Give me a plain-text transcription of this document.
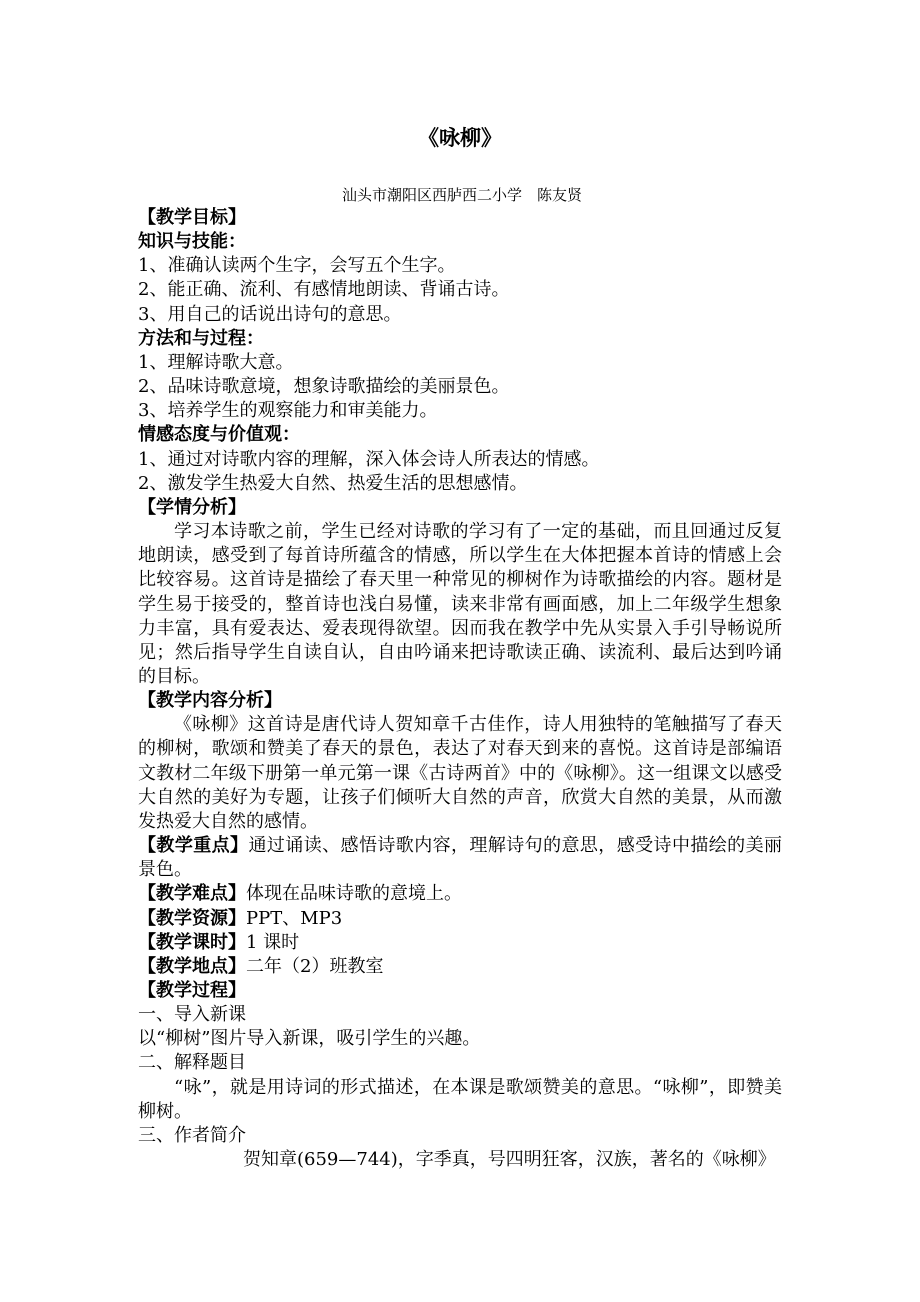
《咏柳》
汕头市潮阳区西胪西二小学　陈友贤

【教学目标】

知识与技能：

1、准确认读两个生字，会写五个生字。

2、能正确、流利、有感情地朗读、背诵古诗。

3、用自己的话说出诗句的意思。

方法和与过程：

1、理解诗歌大意。

2、品味诗歌意境，想象诗歌描绘的美丽景色。

3、培养学生的观察能力和审美能力。

情感态度与价值观：

1、通过对诗歌内容的理解，深入体会诗人所表达的情感。

2、激发学生热爱大自然、热爱生活的思想感情。

【学情分析】

学习本诗歌之前，学生已经对诗歌的学习有了一定的基础，而且回通过反复地朗读，感受到了每首诗所蕴含的情感，所以学生在大体把握本首诗的情感上会比较容易。这首诗是描绘了春天里一种常见的柳树作为诗歌描绘的内容。题材是学生易于接受的，整首诗也浅白易懂，读来非常有画面感，加上二年级学生想象力丰富，具有爱表达、爱表现得欲望。因而我在教学中先从实景入手引导畅说所见；然后指导学生自读自认，自由吟诵来把诗歌读正确、读流利、最后达到吟诵的目标。

【教学内容分析】

《咏柳》这首诗是唐代诗人贺知章千古佳作，诗人用独特的笔触描写了春天的柳树，歌颂和赞美了春天的景色，表达了对春天到来的喜悦。这首诗是部编语文教材二年级下册第一单元第一课《古诗两首》中的《咏柳》。这一组课文以感受大自然的美好为专题，让孩子们倾听大自然的声音，欣赏大自然的美景，从而激发热爱大自然的感情。

【教学重点】通过诵读、感悟诗歌内容，理解诗句的意思，感受诗中描绘的美丽景色。

【教学难点】体现在品味诗歌的意境上。

【教学资源】PPT、MP3

【教学课时】1 课时

【教学地点】二年（2）班教室

【教学过程】

一、导入新课

以“柳树”图片导入新课，吸引学生的兴趣。

二、解释题目

“咏”，就是用诗词的形式描述，在本课是歌颂赞美的意思。“咏柳”，即赞美柳树。

三、作者简介

贺知章(659—744)，字季真，号四明狂客，汉族，著名的《咏柳》
